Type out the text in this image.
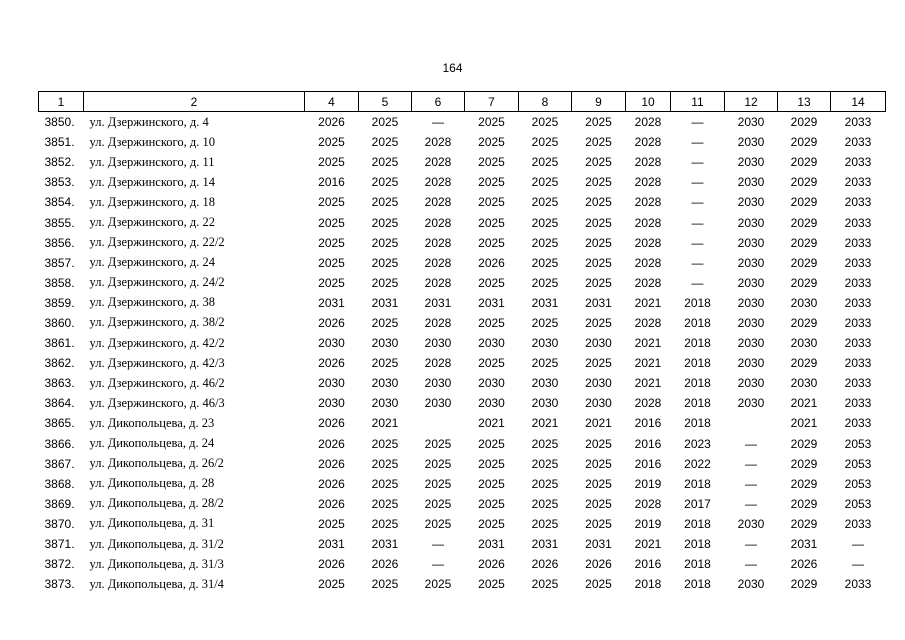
164
1	2	4	5	6	7	8	9	10	11	12	13	14
3850.	ул. Дзержинского, д. 4	2026	2025	—	2025	2025	2025	2028	—	2030	2029	2033
3851.	ул. Дзержинского, д. 10	2025	2025	2028	2025	2025	2025	2028	—	2030	2029	2033
3852.	ул. Дзержинского, д. 11	2025	2025	2028	2025	2025	2025	2028	—	2030	2029	2033
3853.	ул. Дзержинского, д. 14	2016	2025	2028	2025	2025	2025	2028	—	2030	2029	2033
3854.	ул. Дзержинского, д. 18	2025	2025	2028	2025	2025	2025	2028	—	2030	2029	2033
3855.	ул. Дзержинского, д. 22	2025	2025	2028	2025	2025	2025	2028	—	2030	2029	2033
3856.	ул. Дзержинского, д. 22/2	2025	2025	2028	2025	2025	2025	2028	—	2030	2029	2033
3857.	ул. Дзержинского, д. 24	2025	2025	2028	2026	2025	2025	2028	—	2030	2029	2033
3858.	ул. Дзержинского, д. 24/2	2025	2025	2028	2025	2025	2025	2028	—	2030	2029	2033
3859.	ул. Дзержинского, д. 38	2031	2031	2031	2031	2031	2031	2021	2018	2030	2030	2033
3860.	ул. Дзержинского, д. 38/2	2026	2025	2028	2025	2025	2025	2028	2018	2030	2029	2033
3861.	ул. Дзержинского, д. 42/2	2030	2030	2030	2030	2030	2030	2021	2018	2030	2030	2033
3862.	ул. Дзержинского, д. 42/3	2026	2025	2028	2025	2025	2025	2021	2018	2030	2029	2033
3863.	ул. Дзержинского, д. 46/2	2030	2030	2030	2030	2030	2030	2021	2018	2030	2030	2033
3864.	ул. Дзержинского, д. 46/3	2030	2030	2030	2030	2030	2030	2028	2018	2030	2021	2033
3865.	ул. Дикопольцева, д. 23	2026	2021		2021	2021	2021	2016	2018		2021	2033
3866.	ул. Дикопольцева, д. 24	2026	2025	2025	2025	2025	2025	2016	2023	—	2029	2053
3867.	ул. Дикопольцева, д. 26/2	2026	2025	2025	2025	2025	2025	2016	2022	—	2029	2053
3868.	ул. Дикопольцева, д. 28	2026	2025	2025	2025	2025	2025	2019	2018	—	2029	2053
3869.	ул. Дикопольцева, д. 28/2	2026	2025	2025	2025	2025	2025	2028	2017	—	2029	2053
3870.	ул. Дикопольцева, д. 31	2025	2025	2025	2025	2025	2025	2019	2018	2030	2029	2033
3871.	ул. Дикопольцева, д. 31/2	2031	2031	—	2031	2031	2031	2021	2018	—	2031	—
3872.	ул. Дикопольцева, д. 31/3	2026	2026	—	2026	2026	2026	2016	2018	—	2026	—
3873.	ул. Дикопольцева, д. 31/4	2025	2025	2025	2025	2025	2025	2018	2018	2030	2029	2033
